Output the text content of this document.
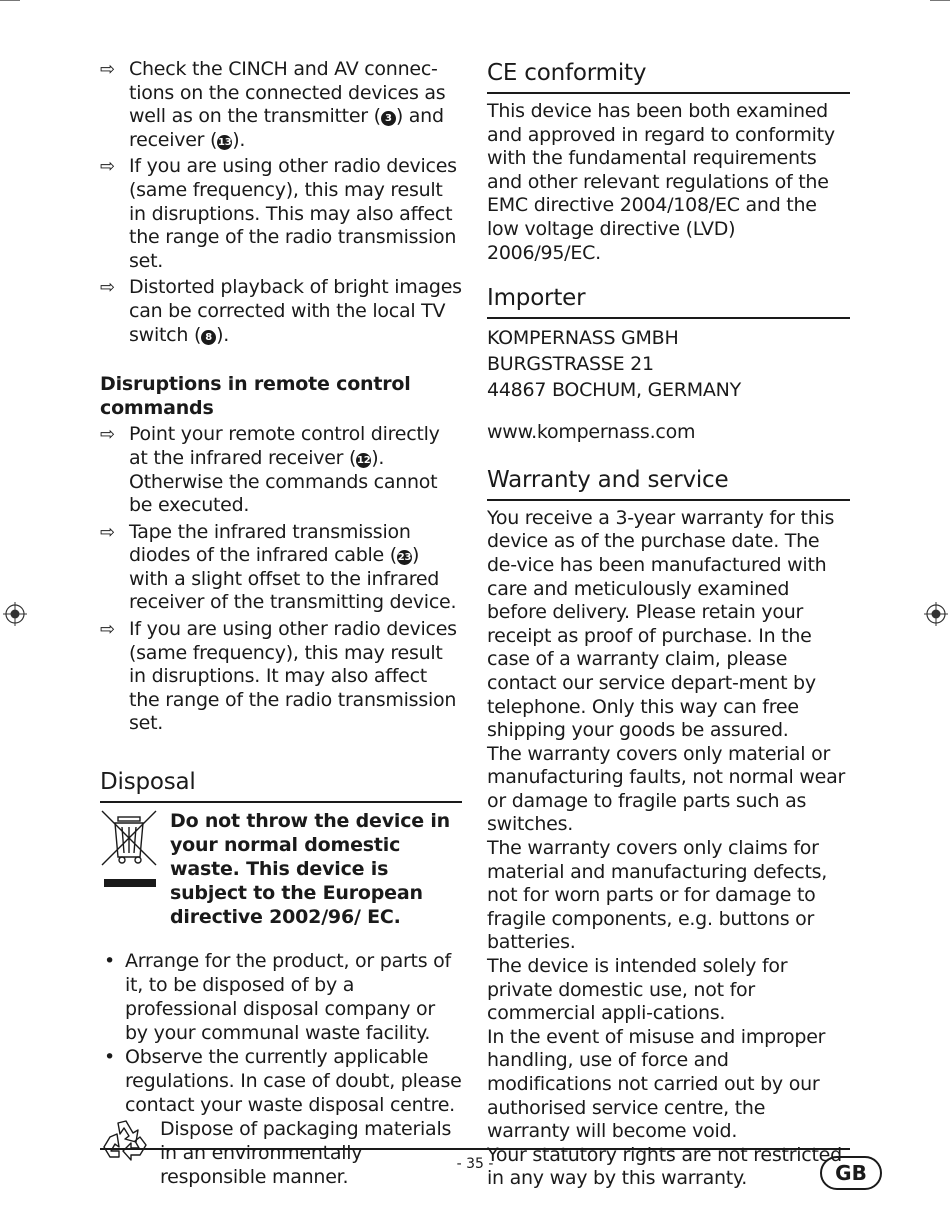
⇨ Check the CINCH and AV connec-tions on the connected devices as well as on the transmitter ( 3 ) and receiver (13).
⇨ If you are using other radio devices (same frequency), this may result in disruptions. This may also affect the range of the radio transmission set.
⇨ Distorted playback of bright images can be corrected with the local TV switch ( 8 ).
Disruptions in remote control commands
⇨ Point your remote control directly at the infrared receiver (12). Otherwise the commands cannot be executed.
⇨ Tape the infrared transmission diodes of the infrared cable (23) with a slight offset to the infrared receiver of the transmitting device.
⇨ If you are using other radio devices (same frequency), this may result in disruptions. It may also affect the range of the radio transmission set.
Disposal
Do not throw the device in your normal domestic waste. This device is subject to the European directive 2002/96/ EC.
• Arrange for the product, or parts of it, to be disposed of by a professional disposal company or by your communal waste facility.
• Observe the currently applicable regulations. In case of doubt, please contact your waste disposal centre.
Dispose of packaging materials in an environmentally responsible manner.
CE conformity
This device has been both examined and approved in regard to conformity with the fundamental requirements and other relevant regulations of the EMC directive 2004/108/EC and the low voltage directive (LVD) 2006/95/EC.
Importer
KOMPERNASS GMBH
BURGSTRASSE 21
44867 BOCHUM, GERMANY
www.kompernass.com
Warranty and service
You receive a 3-year warranty for this device as of the purchase date. The de-vice has been manufactured with care and meticulously examined before delivery. Please retain your receipt as proof of purchase. In the case of a warranty claim, please contact our service depart-ment by telephone. Only this way can free shipping your goods be assured.
The warranty covers only material or manufacturing faults, not normal wear or damage to fragile parts such as switches.
The warranty covers only claims for material and manufacturing defects, not for worn parts or for damage to fragile components, e.g. buttons or batteries.
The device is intended solely for private domestic use, not for commercial appli-cations.
In the event of misuse and improper handling, use of force and modifications not carried out by our authorised service centre, the warranty will become void.
Your statutory rights are not restricted in any way by this warranty.
- 35 -	GB
